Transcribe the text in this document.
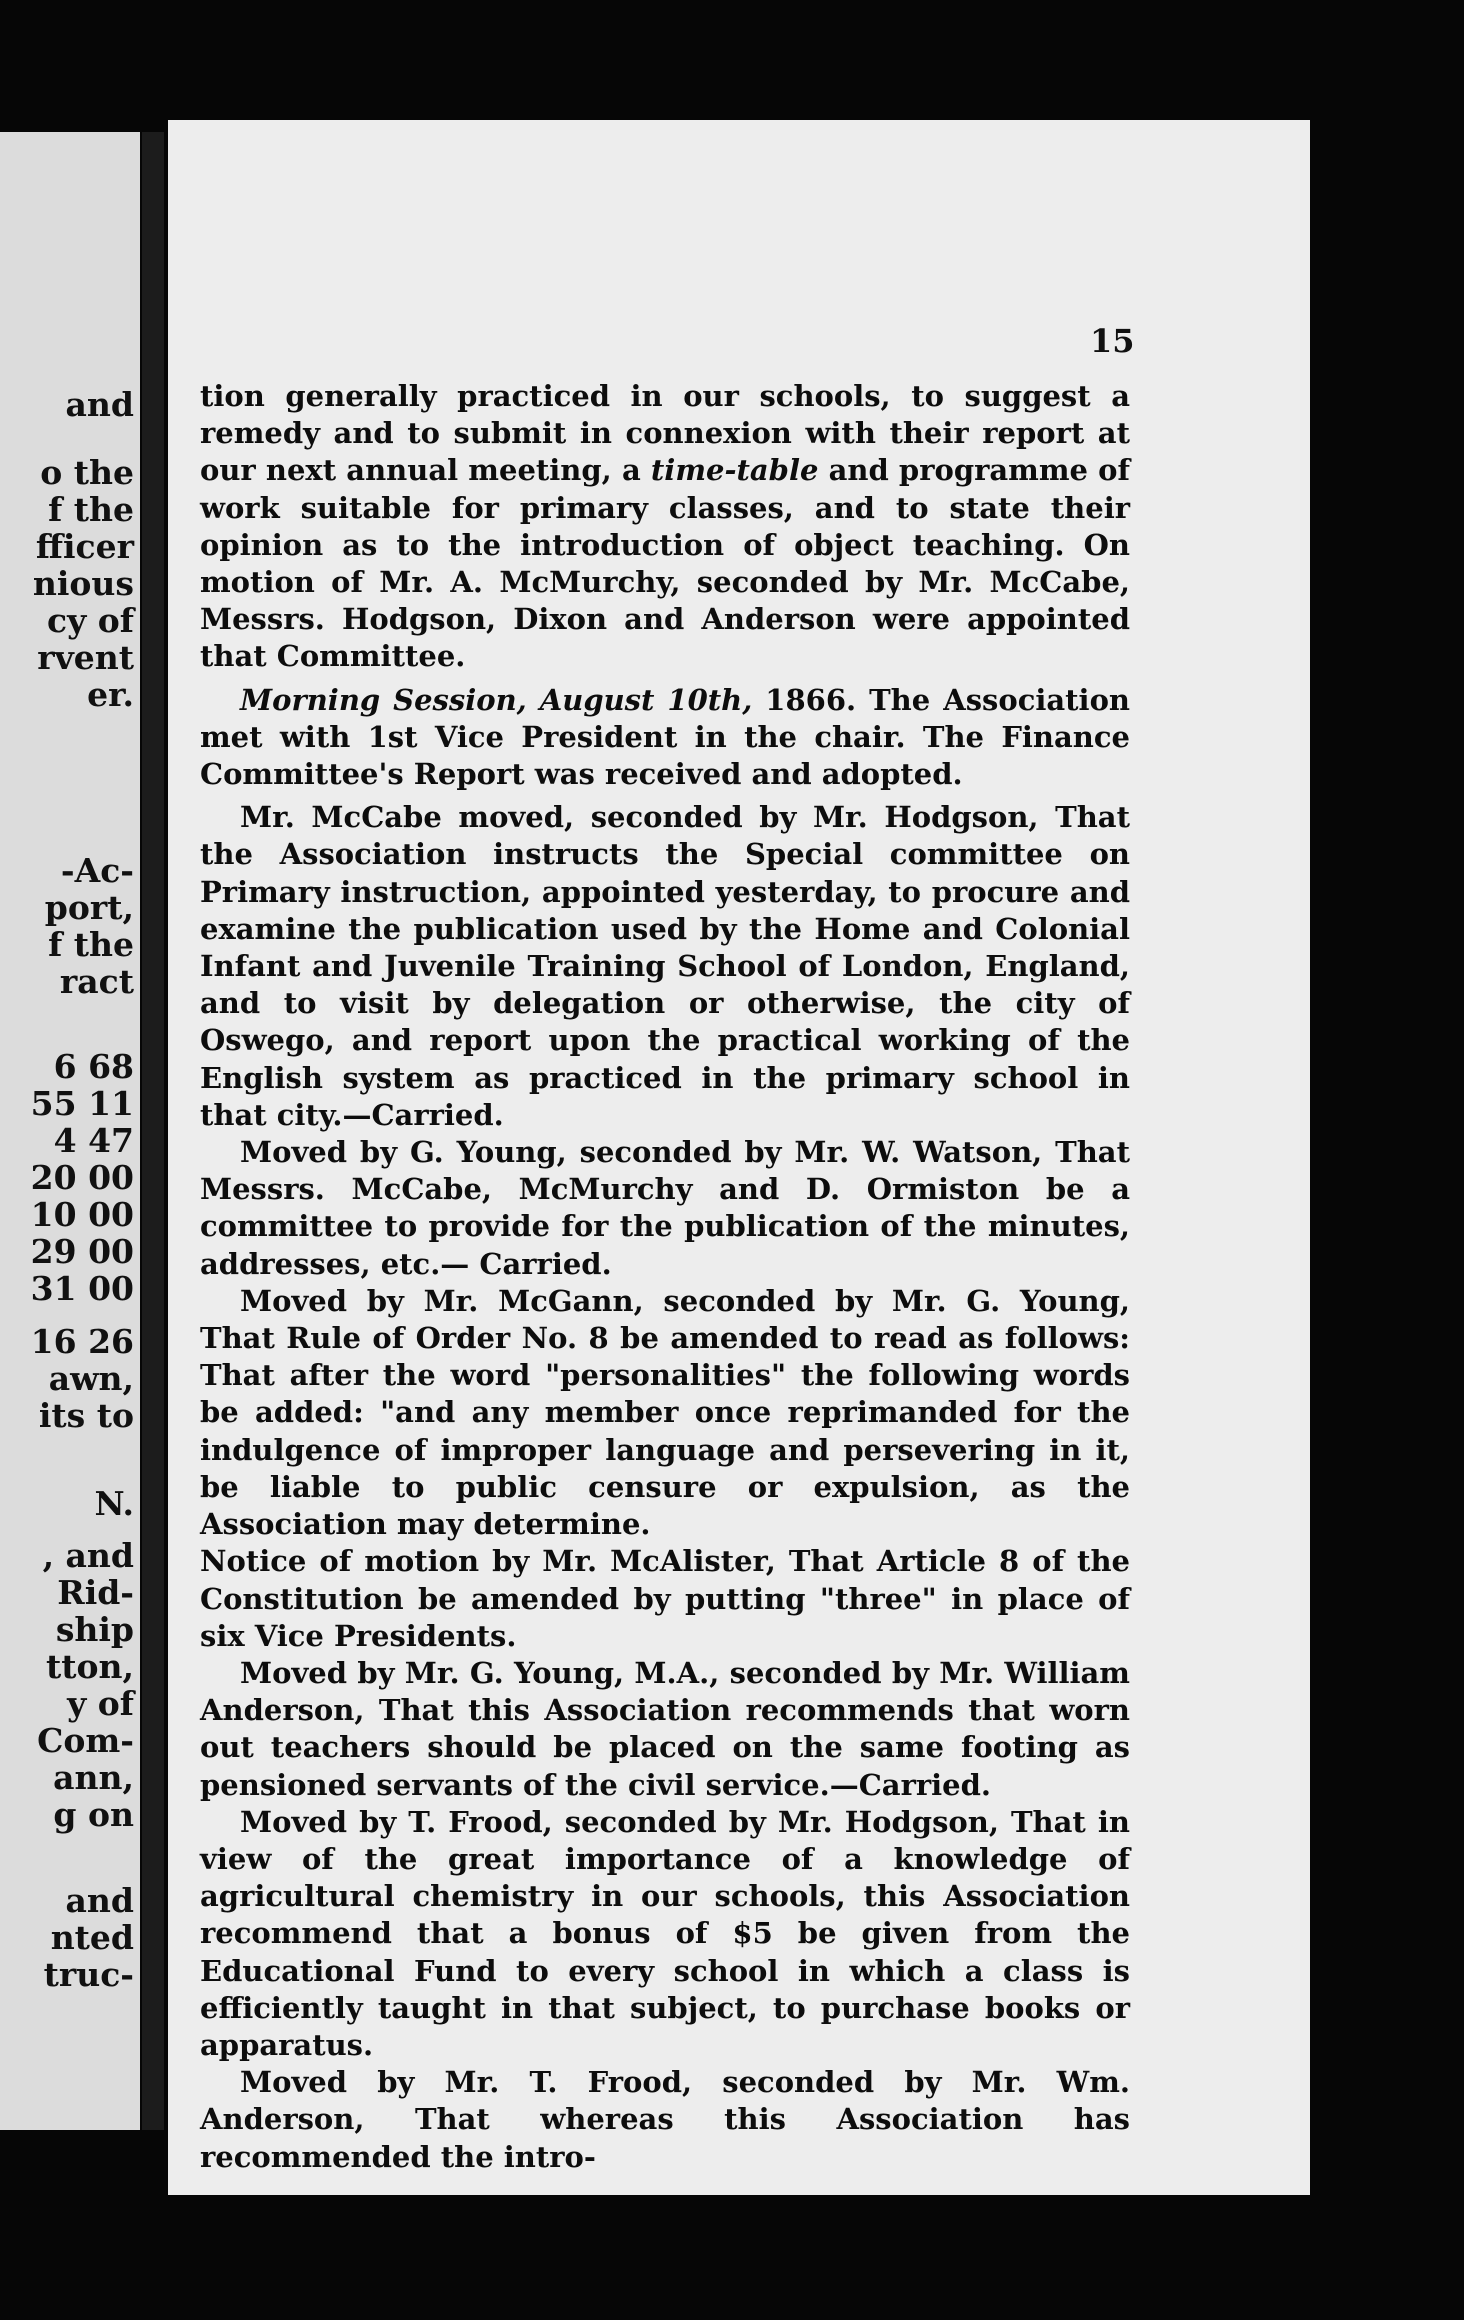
and

o the

f the

fficer

nious

cy of

rvent

er.

-Ac-

port,

f the

ract

6 68

55 11

4 47

20 00

10 00

29 00

31 00

16 26

awn,

its to

N.

, and

Rid-

ship

tton,

y of

Com-

ann,

g on

and

nted

truc-

15

tion generally practiced in our schools, to suggest a remedy and to submit in connexion with their report at our next annual meeting, a time-table and programme of work suitable for primary classes, and to state their opinion as to the introduction of object teaching. On motion of Mr. A. McMurchy, seconded by Mr. McCabe, Messrs. Hodgson, Dixon and Anderson were appointed that Committee.

Morning Session, August 10th, 1866. The Association met with 1st Vice President in the chair. The Finance Committee's Report was received and adopted.

Mr. McCabe moved, seconded by Mr. Hodgson, That the Association instructs the Special committee on Primary instruction, appointed yesterday, to procure and examine the publication used by the Home and Colonial Infant and Juvenile Training School of London, England, and to visit by delegation or otherwise, the city of Oswego, and report upon the practical working of the English system as practiced in the primary school in that city.—Carried.

Moved by G. Young, seconded by Mr. W. Watson, That Messrs. McCabe, McMurchy and D. Ormiston be a committee to provide for the publication of the minutes, addresses, etc.— Carried.

Moved by Mr. McGann, seconded by Mr. G. Young, That Rule of Order No. 8 be amended to read as follows: That after the word "personalities" the following words be added: "and any member once reprimanded for the indulgence of improper language and persevering in it, be liable to public censure or expulsion, as the Association may determine.

Notice of motion by Mr. McAlister, That Article 8 of the Constitution be amended by putting "three" in place of six Vice Presidents.

Moved by Mr. G. Young, M.A., seconded by Mr. William Anderson, That this Association recommends that worn out teachers should be placed on the same footing as pensioned servants of the civil service.—Carried.

Moved by T. Frood, seconded by Mr. Hodgson, That in view of the great importance of a knowledge of agricultural chemistry in our schools, this Association recommend that a bonus of $5 be given from the Educational Fund to every school in which a class is efficiently taught in that subject, to purchase books or apparatus.

Moved by Mr. T. Frood, seconded by Mr. Wm. Anderson, That whereas this Association has recommended the intro-
